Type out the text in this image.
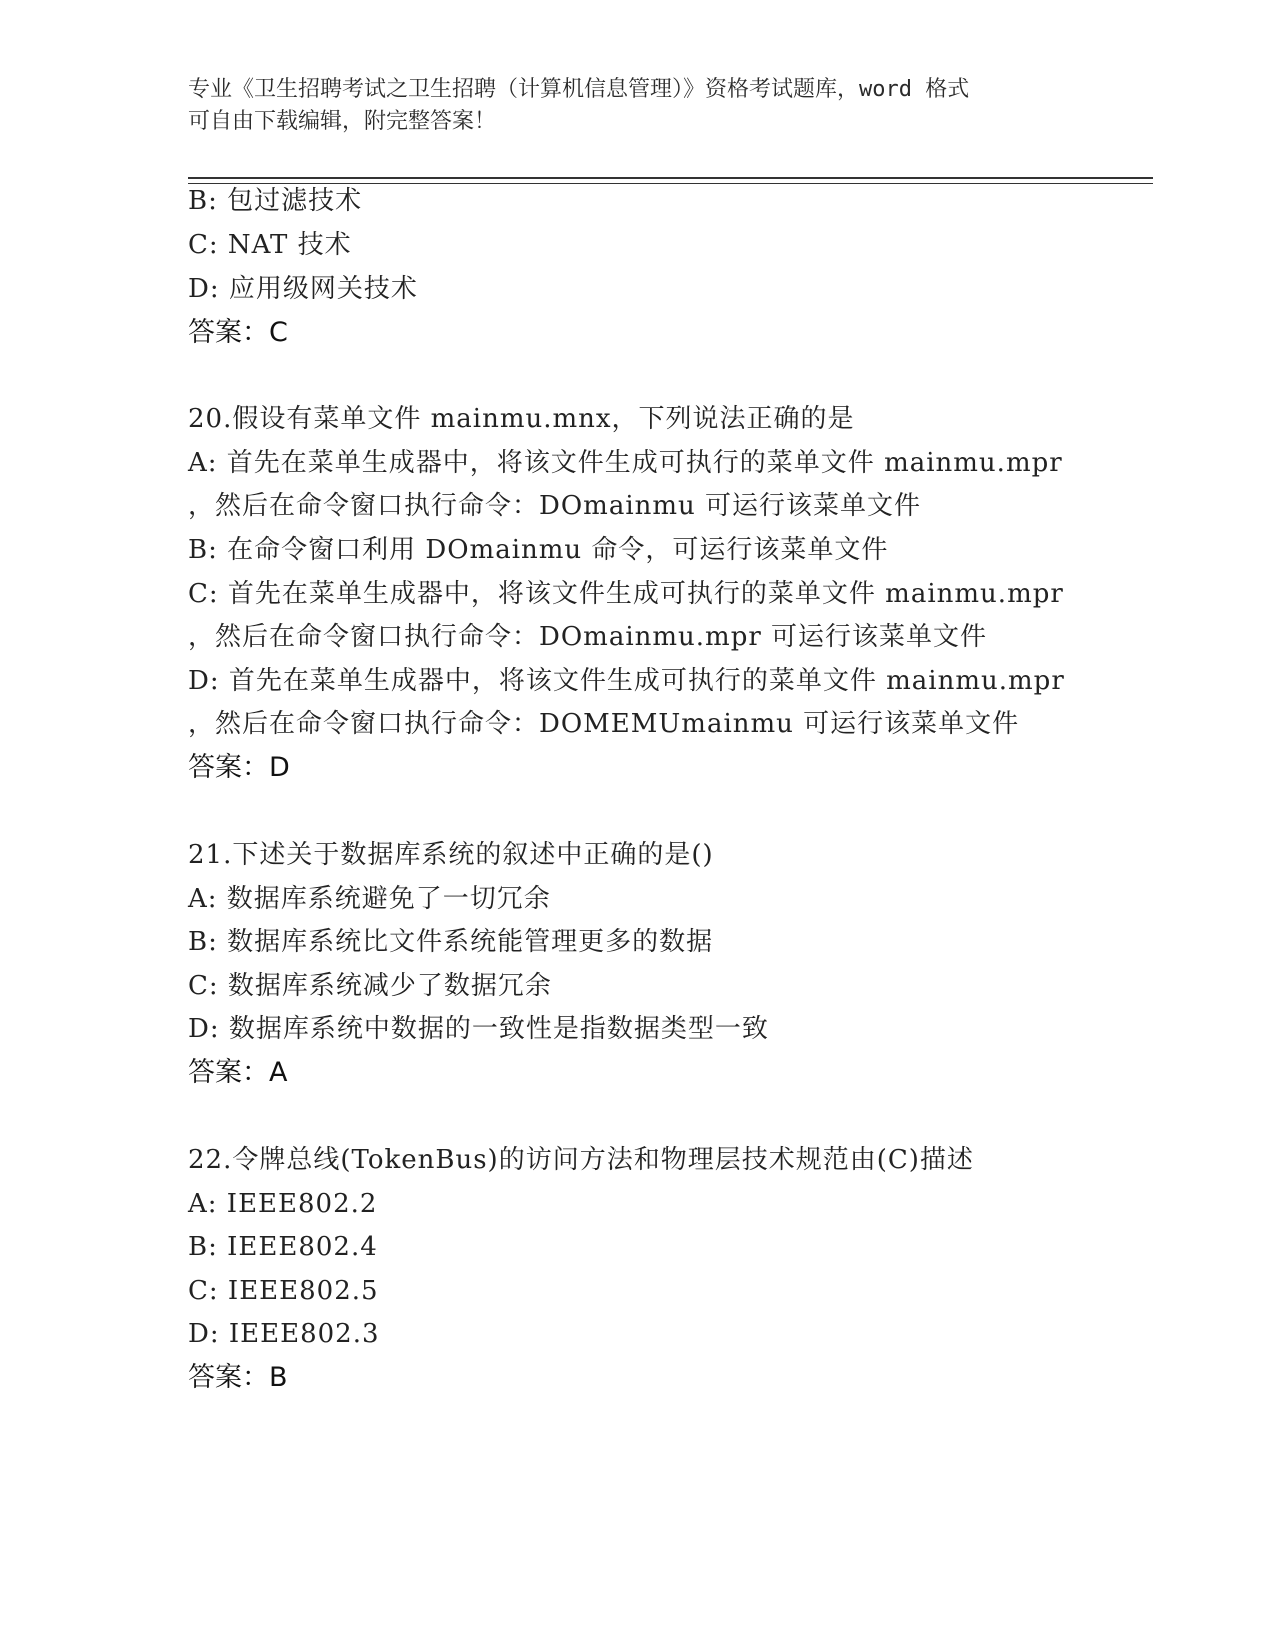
专业《卫生招聘考试之卫生招聘（计算机信息管理）》资格考试题库，word 格式
可自由下载编辑，附完整答案！
B: 包过滤技术
C: NAT 技术
D: 应用级网关技术
答案：C
20.假设有菜单文件 mainmu.mnx，下列说法正确的是
A: 首先在菜单生成器中，将该文件生成可执行的菜单文件 mainmu.mpr
，然后在命令窗口执行命令：DOmainmu 可运行该菜单文件
B: 在命令窗口利用 DOmainmu 命令，可运行该菜单文件
C: 首先在菜单生成器中，将该文件生成可执行的菜单文件 mainmu.mpr
，然后在命令窗口执行命令：DOmainmu.mpr 可运行该菜单文件
D: 首先在菜单生成器中，将该文件生成可执行的菜单文件 mainmu.mpr
，然后在命令窗口执行命令：DOMEMUmainmu 可运行该菜单文件
答案：D
21.下述关于数据库系统的叙述中正确的是()
A: 数据库系统避免了一切冗余
B: 数据库系统比文件系统能管理更多的数据
C: 数据库系统减少了数据冗余
D: 数据库系统中数据的一致性是指数据类型一致
答案：A
22.令牌总线(TokenBus)的访问方法和物理层技术规范由(C)描述
A: IEEE802.2
B: IEEE802.4
C: IEEE802.5
D: IEEE802.3
答案：B
